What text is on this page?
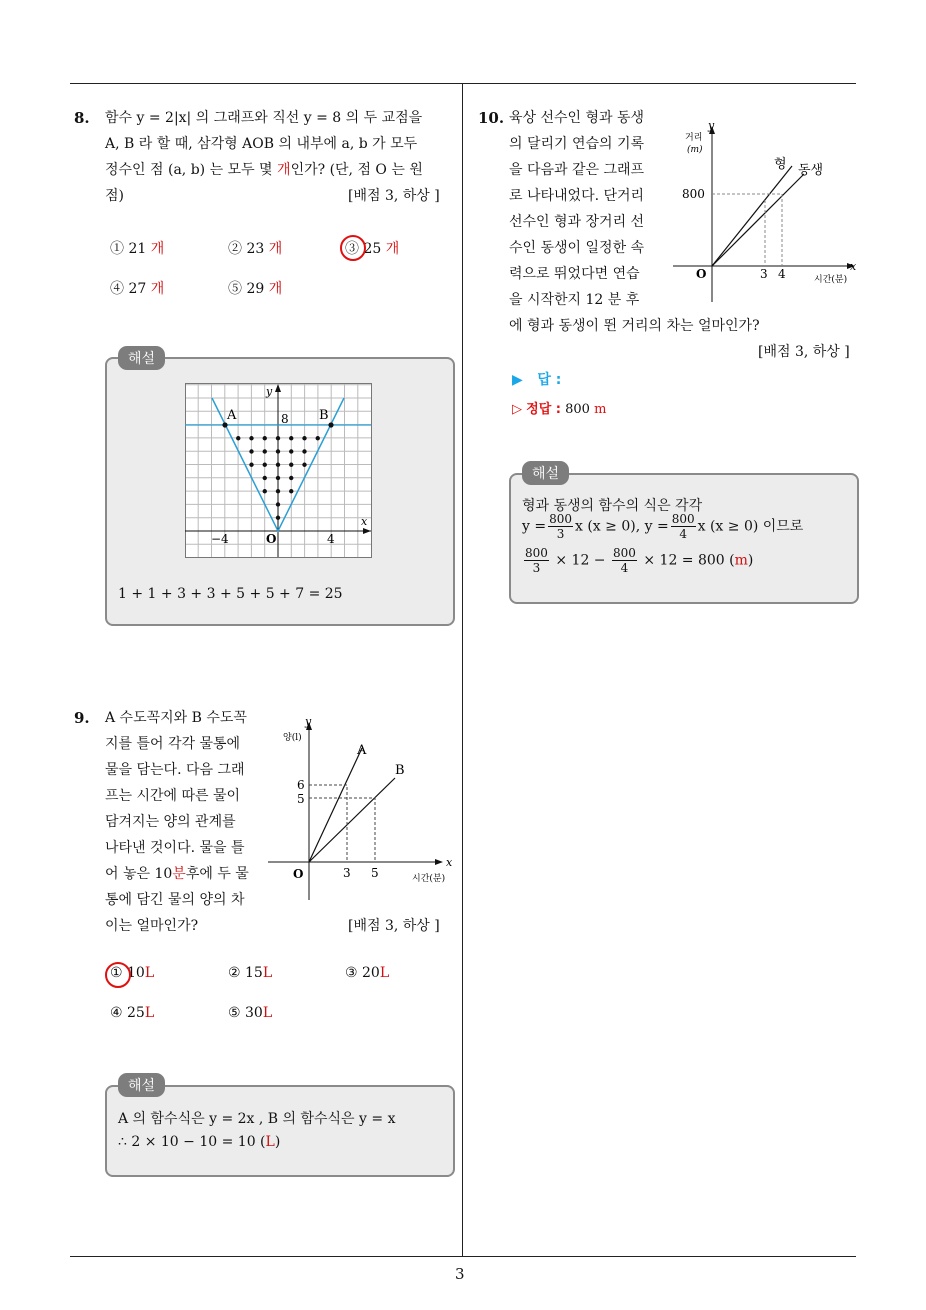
3
8. 함수 y = 2|x| 의 그래프와 직선 y = 8 의 두 교점을
A, B 라 할 때, 삼각형 AOB 의 내부에 a, b 가 모두
정수인 점 (a, b) 는 모두 몇 개인가? (단, 점 O 는 원
점)	[배점 3, 하상 ]
① 21 개	② 23 개	③ 25 개
④ 27 개	⑤ 29 개
해설
A	B
8
y
x
O
−4	4
1 + 1 + 3 + 3 + 5 + 5 + 7 = 25
9. A 수도꼭지와 B 수도꼭
지를 틀어 각각 물통에
물을 담는다. 다음 그래
프는 시간에 따른 물이
담겨지는 양의 관계를
나타낸 것이다. 물을 틀
어 놓은 10분후에 두 물
통에 담긴 물의 양의 차
이는 얼마인가?	[배점 3, 하상 ]
y
양(l)
A
B
6
5
O	3 5
x
시간(분)
① 10L	② 15L	③ 20L
④ 25L	⑤ 30L
해설
A 의 함수식은 y = 2x , B 의 함수식은 y = x
∴ 2 × 10 − 10 = 10 (L)
10. 육상 선수인 형과 동생
의 달리기 연습의 기록
을 다음과 같은 그래프
로 나타내었다. 단거리
선수인 형과 장거리 선
수인 동생이 일정한 속
력으로 뛰었다면 연습
을 시작한지 12 분 후
에 형과 동생이 뛴 거리의 차는 얼마인가?
[배점 3, 하상 ]
y
거리
(m)
형 동생
800
O	3 4
x
시간(분)
▶ 답 :
▷ 정답 : 800 m
해설
형과 동생의 함수의 식은 각각
$y = \frac{800}{3}$ x (x ≥ 0), $y = \frac{800}{4}$ x (x ≥ 0) 이므로
$\frac{800}{3} \times 12 - \frac{800}{4} \times 12 = 800$ (m)
